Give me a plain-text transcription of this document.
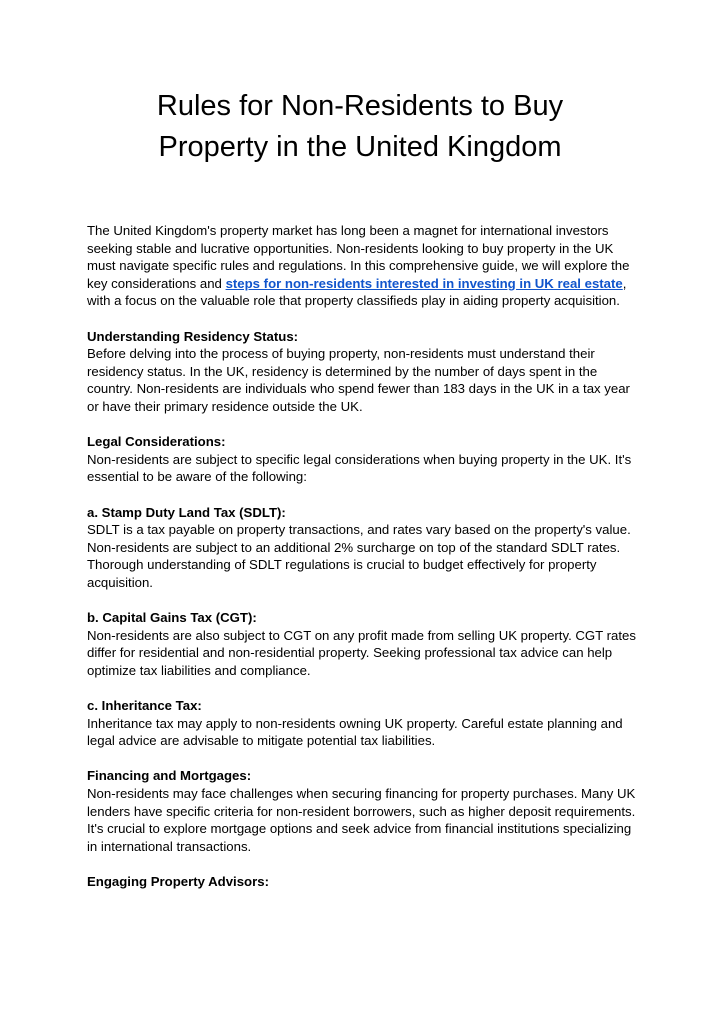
Rules for Non-Residents to Buy
Property in the United Kingdom

The United Kingdom's property market has long been a magnet for international investors seeking stable and lucrative opportunities. Non-residents looking to buy property in the UK must navigate specific rules and regulations. In this comprehensive guide, we will explore the key considerations and steps for non-residents interested in investing in UK real estate, with a focus on the valuable role that property classifieds play in aiding property acquisition.

Understanding Residency Status:
Before delving into the process of buying property, non-residents must understand their residency status. In the UK, residency is determined by the number of days spent in the country. Non-residents are individuals who spend fewer than 183 days in the UK in a tax year or have their primary residence outside the UK.

Legal Considerations:
Non-residents are subject to specific legal considerations when buying property in the UK. It's essential to be aware of the following:

a. Stamp Duty Land Tax (SDLT):
SDLT is a tax payable on property transactions, and rates vary based on the property's value. Non-residents are subject to an additional 2% surcharge on top of the standard SDLT rates. Thorough understanding of SDLT regulations is crucial to budget effectively for property acquisition.

b. Capital Gains Tax (CGT):
Non-residents are also subject to CGT on any profit made from selling UK property. CGT rates differ for residential and non-residential property. Seeking professional tax advice can help optimize tax liabilities and compliance.

c. Inheritance Tax:
Inheritance tax may apply to non-residents owning UK property. Careful estate planning and legal advice are advisable to mitigate potential tax liabilities.

Financing and Mortgages:
Non-residents may face challenges when securing financing for property purchases. Many UK lenders have specific criteria for non-resident borrowers, such as higher deposit requirements. It's crucial to explore mortgage options and seek advice from financial institutions specializing in international transactions.

Engaging Property Advisors:
